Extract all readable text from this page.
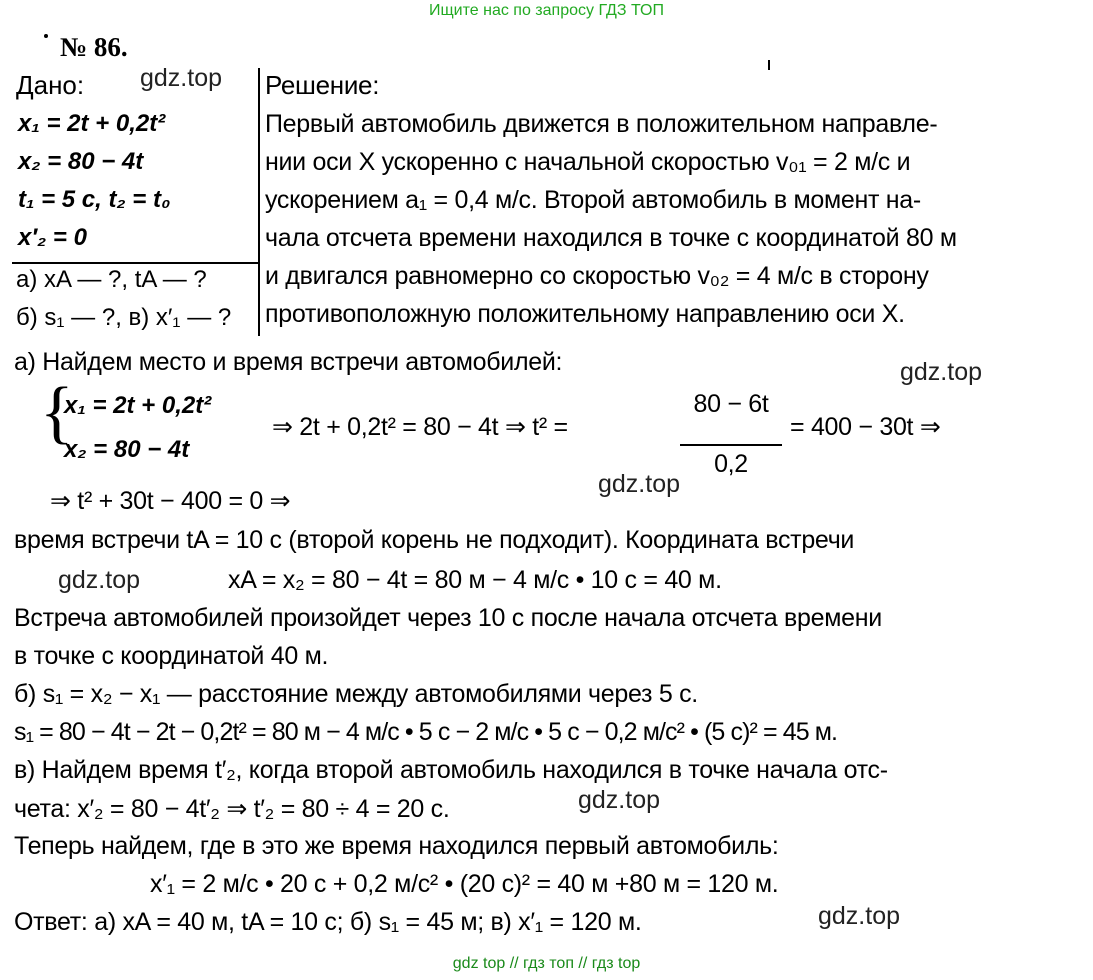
Ищите нас по запросу ГДЗ ТОП
№ 86.
Дано:
x₁ = 2t + 0,2t²
x₂ = 80 − 4t
t₁ = 5 с, t₂ = t₀
x′₂ = 0
а) xA — ?, tA — ?
б) s₁ — ?, в) x′₁ — ?
gdz.top Решение:
Первый автомобиль движется в положительном направле-
нии оси X ускоренно с начальной скоростью v₀₁ = 2 м/с и
ускорением a₁ = 0,4 м/с. Второй автомобиль в момент на-
чала отсчета времени находился в точке с координатой 80 м
и двигался равномерно со скоростью v₀₂ = 4 м/с в сторону
противоположную положительному направлению оси X.
а) Найдем место и время встречи автомобилей:	gdz.top
{
x₁ = 2t + 0,2t²
x₂ = 80 − 4t
⇒ 2t + 0,2t² = 80 − 4t ⇒ t² =
80 − 6t
0,2
= 400 − 30t ⇒
⇒ t² + 30t − 400 = 0 ⇒
gdz.top
время встречи tA = 10 с (второй корень не подходит). Координата встречи
gdz.top	xA = x₂ = 80 − 4t = 80 м − 4 м/с • 10 с = 40 м.
Встреча автомобилей произойдет через 10 с после начала отсчета времени
в точке с координатой 40 м.
б) s₁ = x₂ − x₁ — расстояние между автомобилями через 5 с.
s₁ = 80 − 4t − 2t − 0,2t² = 80 м − 4 м/с • 5 с − 2 м/с • 5 с − 0,2 м/с² • (5 с)² = 45 м.
в) Найдем время t′₂, когда второй автомобиль находился в точке начала отс-
чета: x′₂ = 80 − 4t′₂ ⇒ t′₂ = 80 ÷ 4 = 20 с.	gdz.top
Теперь найдем, где в это же время находился первый автомобиль:
x′₁ = 2 м/с • 20 с + 0,2 м/с² • (20 с)² = 40 м +80 м = 120 м.
Ответ: а) xA = 40 м, tA = 10 с; б) s₁ = 45 м; в) x′₁ = 120 м.	gdz.top
gdz top // гдз топ // гдз top
